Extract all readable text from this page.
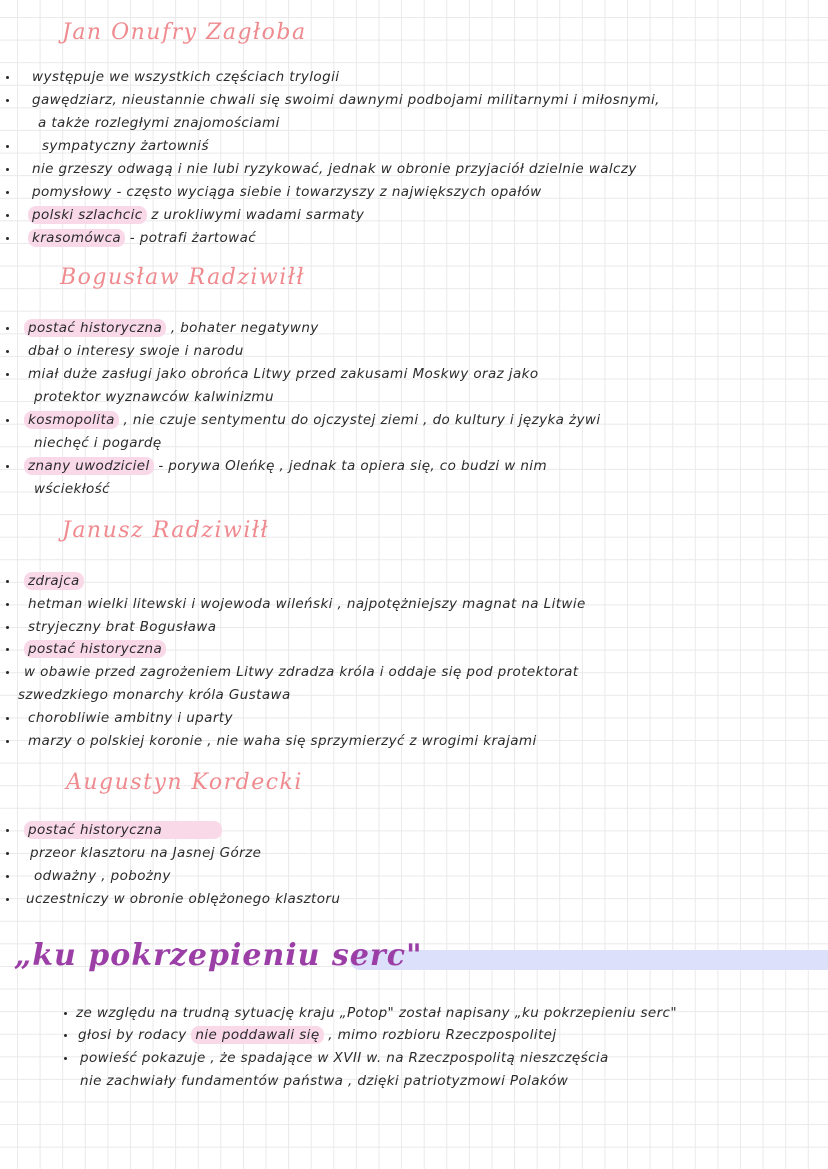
Jan Onufry Zagłoba
występuje we wszystkich częściach trylogii
gawędziarz, nieustannie chwali się swoimi dawnymi podbojami militarnymi i miłosnymi,
a także rozległymi znajomościami
sympatyczny żartowniś
nie grzeszy odwagą i nie lubi ryzykować, jednak w obronie przyjaciół dzielnie walczy
pomysłowy - często wyciąga siebie i towarzyszy z największych opałów
polski szlachcic z urokliwymi wadami sarmaty
krasomówca - potrafi żartować
Bogusław Radziwiłł
postać historyczna , bohater negatywny
dbał o interesy swoje i narodu
miał duże zasługi jako obrońca Litwy przed zakusami Moskwy oraz jako
protektor wyznawców kalwinizmu
kosmopolita , nie czuje sentymentu do ojczystej ziemi , do kultury i języka żywi
niechęć i pogardę
znany uwodziciel - porywa Oleńkę , jednak ta opiera się, co budzi w nim
wściekłość
Janusz Radziwiłł
zdrajca
hetman wielki litewski i wojewoda wileński , najpotężniejszy magnat na Litwie
stryjeczny brat Bogusława
postać historyczna
w obawie przed zagrożeniem Litwy zdradza króla i oddaje się pod protektorat
szwedzkiego monarchy króla Gustawa
chorobliwie ambitny i uparty
marzy o polskiej koronie , nie waha się sprzymierzyć z wrogimi krajami
Augustyn Kordecki
postać historyczna
przeor klasztoru na Jasnej Górze
odważny , pobożny
uczestniczy w obronie oblężonego klasztoru
„ku pokrzepieniu serc"
ze względu na trudną sytuację kraju „Potop" został napisany „ku pokrzepieniu serc"
głosi by rodacy nie poddawali się , mimo rozbioru Rzeczpospolitej
powieść pokazuje , że spadające w XVII w. na Rzeczpospolitą nieszczęścia
nie zachwiały fundamentów państwa , dzięki patriotyzmowi Polaków
